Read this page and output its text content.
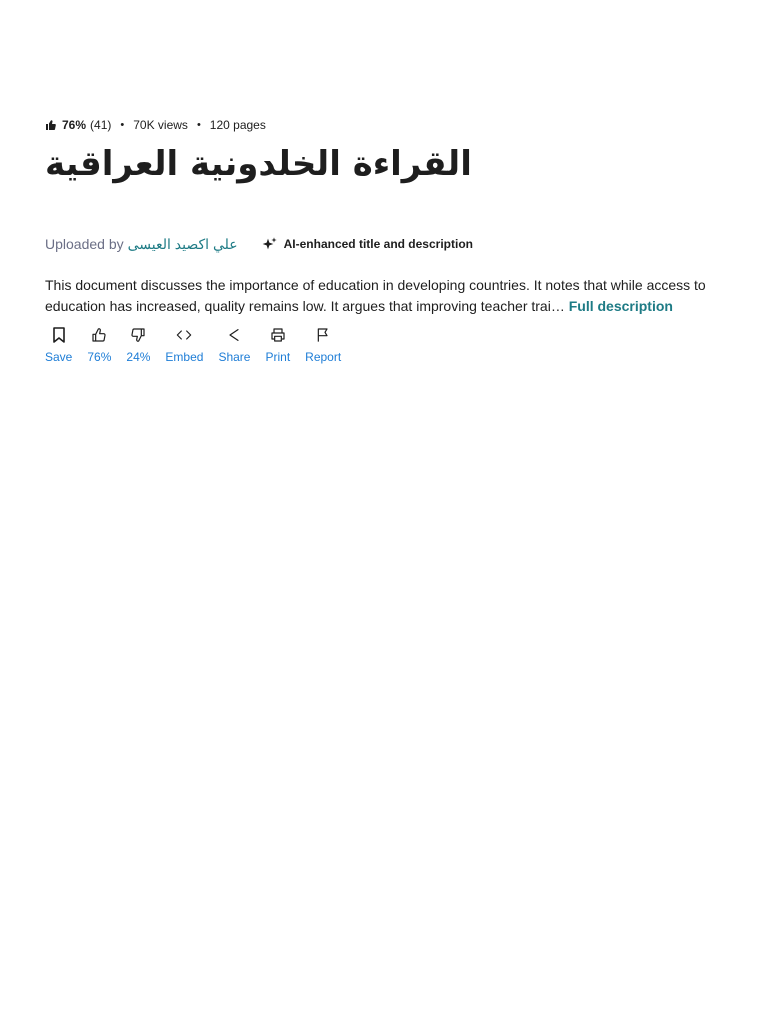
76% (41) • 70K views • 120 pages
القراءة الخلدونية العراقية
Uploaded by علي اكصيد العيسى	AI-enhanced title and description

This document discusses the importance of education in developing countries. It notes that while access to education has increased, quality remains low. It argues that improving teacher trai… Full description

Save 76% 24% Embed Share Print Report
